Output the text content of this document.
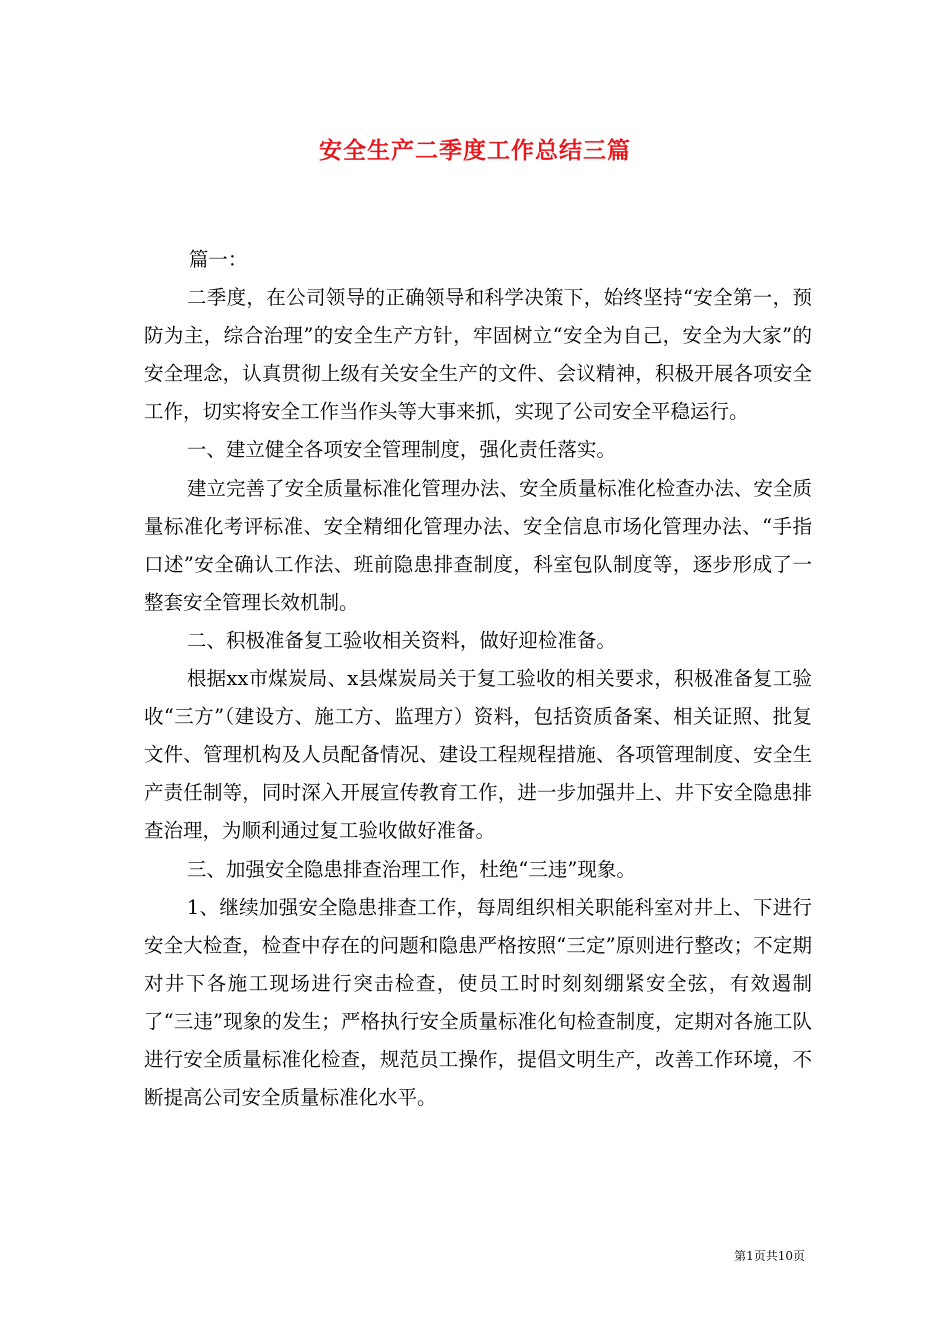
安全生产二季度工作总结三篇

篇一：

二季度，在公司领导的正确领导和科学决策下，始终坚持“安全第一，预防为主，综合治理”的安全生产方针，牢固树立“安全为自己，安全为大家”的安全理念，认真贯彻上级有关安全生产的文件、会议精神，积极开展各项安全工作，切实将安全工作当作头等大事来抓，实现了公司安全平稳运行。

一、建立健全各项安全管理制度，强化责任落实。

建立完善了安全质量标准化管理办法、安全质量标准化检查办法、安全质量标准化考评标准、安全精细化管理办法、安全信息市场化管理办法、“手指口述”安全确认工作法、班前隐患排查制度，科室包队制度等，逐步形成了一整套安全管理长效机制。

二、积极准备复工验收相关资料，做好迎检准备。

根据xx市煤炭局、x县煤炭局关于复工验收的相关要求，积极准备复工验收“三方”（建设方、施工方、监理方）资料，包括资质备案、相关证照、批复文件、管理机构及人员配备情况、建设工程规程措施、各项管理制度、安全生产责任制等，同时深入开展宣传教育工作，进一步加强井上、井下安全隐患排查治理，为顺利通过复工验收做好准备。

三、加强安全隐患排查治理工作，杜绝“三违”现象。

1、继续加强安全隐患排查工作，每周组织相关职能科室对井上、下进行安全大检查，检查中存在的问题和隐患严格按照“三定”原则进行整改；不定期对井下各施工现场进行突击检查，使员工时时刻刻绷紧安全弦，有效遏制了“三违”现象的发生；严格执行安全质量标准化旬检查制度，定期对各施工队进行安全质量标准化检查，规范员工操作，提倡文明生产，改善工作环境，不断提高公司安全质量标准化水平。

第1页共10页
